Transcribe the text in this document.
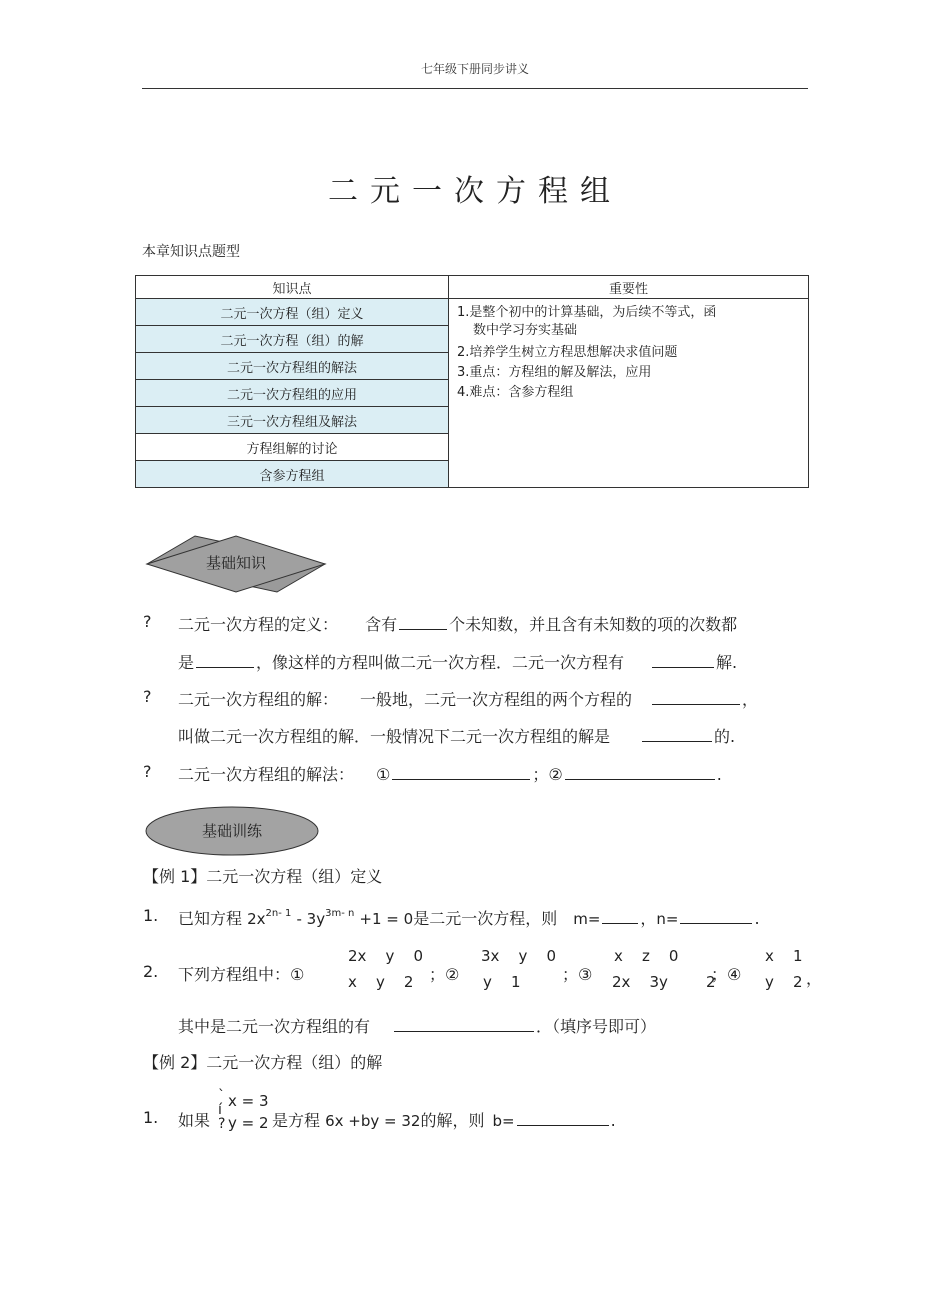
七年级下册同步讲义
二元一次方程组
本章知识点题型
知识点	重要性
二元一次方程（组）定义	1.是整个初中的计算基础，为后续不等式，函
数中学习夯实基础
2.培养学生树立方程思想解决求值问题
3.重点：方程组的解及解法，应用
4.难点：含参方程组

二元一次方程（组）的解	
二元一次方程组的解法	
二元一次方程组的应用	
三元一次方程组及解法	
方程组解的讨论	
含参方程组	
基础知识
? 二元一次方程的定义： 含有	个未知数，并且含有未知数的项的次数都
是	，像这样的方程叫做二元一次方程．二元一次方程有	解.
? 二元一次方程组的解： 一般地，二元一次方程组的两个方程的	，
叫做二元一次方程组的解．一般情况下二元一次方程组的解是	的.
? 二元一次方程组的解法： ①	；②	.
基础训练
【例 1】二元一次方程（组）定义
1. 已知方程 $2x^{2n- 1} - 3y^{3m- n} +1 = 0$是二元一次方程，则 m=	，n=	.
2. 下列方程组中：①
2x    y    0
x    y    2 ；②
3x    y    0
y    1	；③
x    z    0
2x    3y        2
；④
x    1
y    2 ，
其中是二元一次方程组的有	．（填序号即可）
【例 2】二元一次方程（组）的解
1. 如果
`
í
?
x = 3
y = 2 是方程 6x +by = 32的解，则 b=	.
